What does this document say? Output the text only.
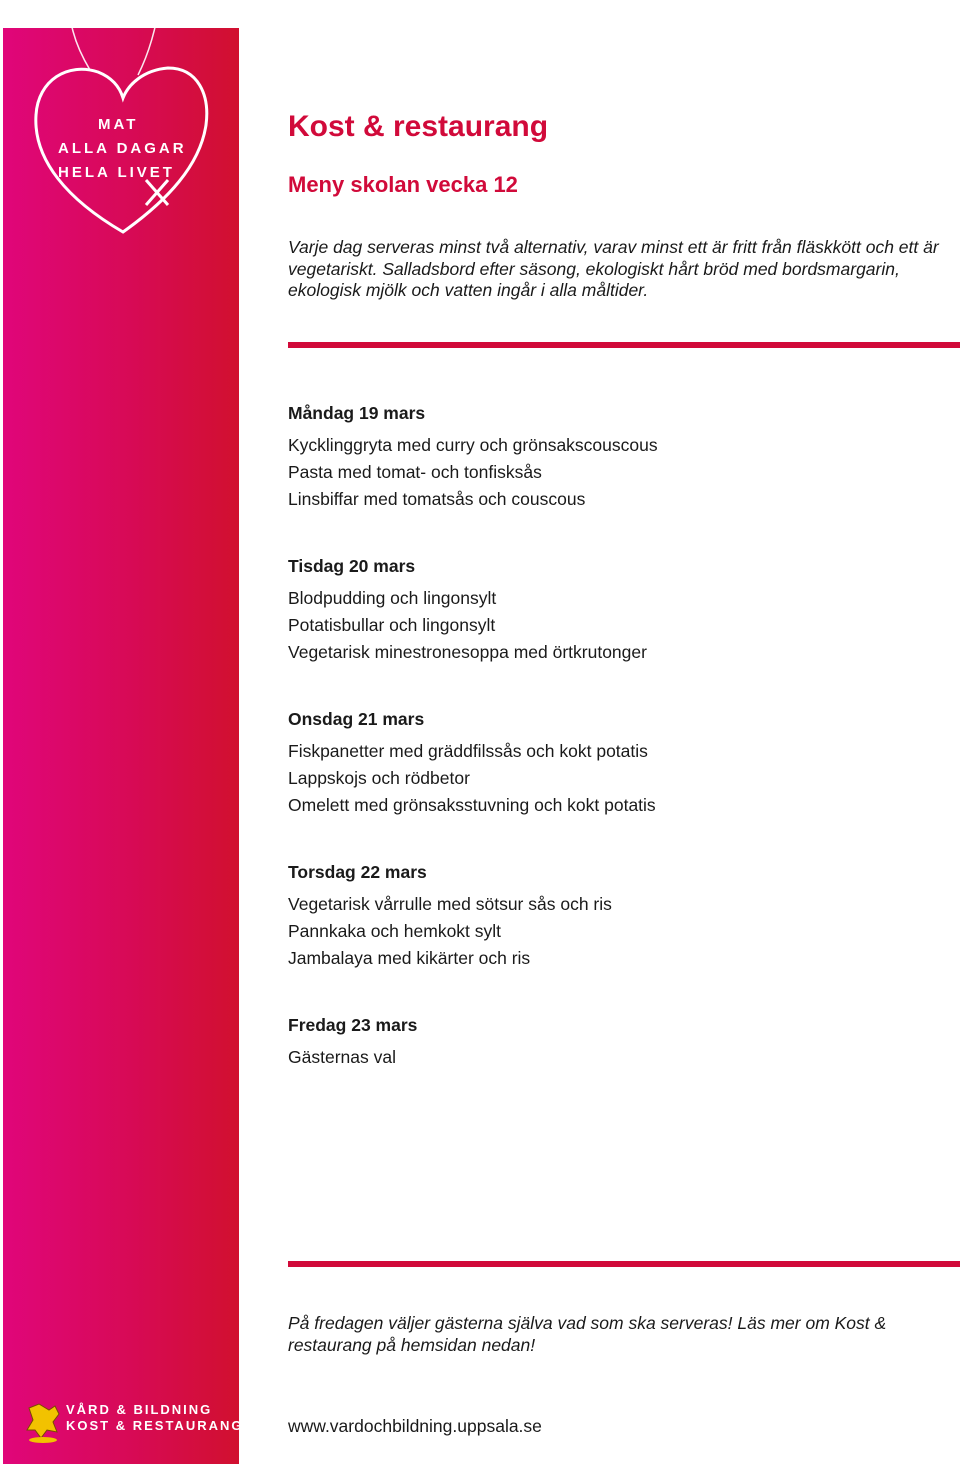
MAT
ALLA DAGAR
HELA LIVET
Kost & restaurang
Meny skolan vecka 12

Varje dag serveras minst två alternativ, varav minst ett är fritt från fläskkött och ett är vegetariskt. Salladsbord efter säsong, ekologiskt hårt bröd med bordsmargarin, ekologisk mjölk och vatten ingår i alla måltider.

Måndag 19 mars

Kycklinggryta med curry och grönsakscouscous

Pasta med tomat- och tonfisksås

Linsbiffar med tomatsås och couscous

Tisdag 20 mars

Blodpudding och lingonsylt

Potatisbullar och lingonsylt

Vegetarisk minestronesoppa med örtkrutonger

Onsdag 21 mars

Fiskpanetter med gräddfilssås och kokt potatis

Lappskojs och rödbetor

Omelett med grönsaksstuvning och kokt potatis

Torsdag 22 mars

Vegetarisk vårrulle med sötsur sås och ris

Pannkaka och hemkokt sylt

Jambalaya med kikärter och ris

Fredag 23 mars

Gästernas val

På fredagen väljer gästerna själva vad som ska serveras! Läs mer om Kost & restaurang på hemsidan nedan!

VÅRD & BILDNING
KOST & RESTAURANG	www.vardochbildning.uppsala.se
